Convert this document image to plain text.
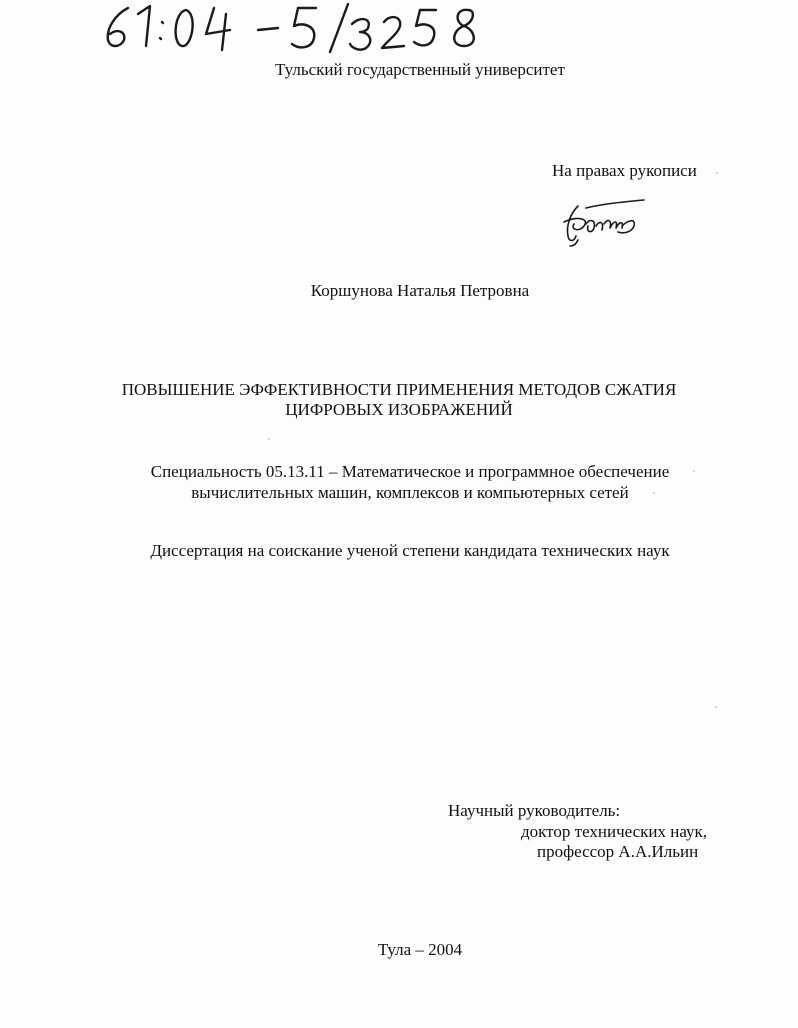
Тульский государственный университет
На правах рукописи
Коршунова Наталья Петровна
ПОВЫШЕНИЕ ЭФФЕКТИВНОСТИ ПРИМЕНЕНИЯ МЕТОДОВ СЖАТИЯ
ЦИФРОВЫХ ИЗОБРАЖЕНИЙ
Специальность 05.13.11 – Математическое и программное обеспечение
вычислительных машин, комплексов и компьютерных сетей
Диссертация на соискание ученой степени кандидата технических наук
Научный руководитель:
доктор технических наук,
профессор А.А.Ильин
Тула – 2004
